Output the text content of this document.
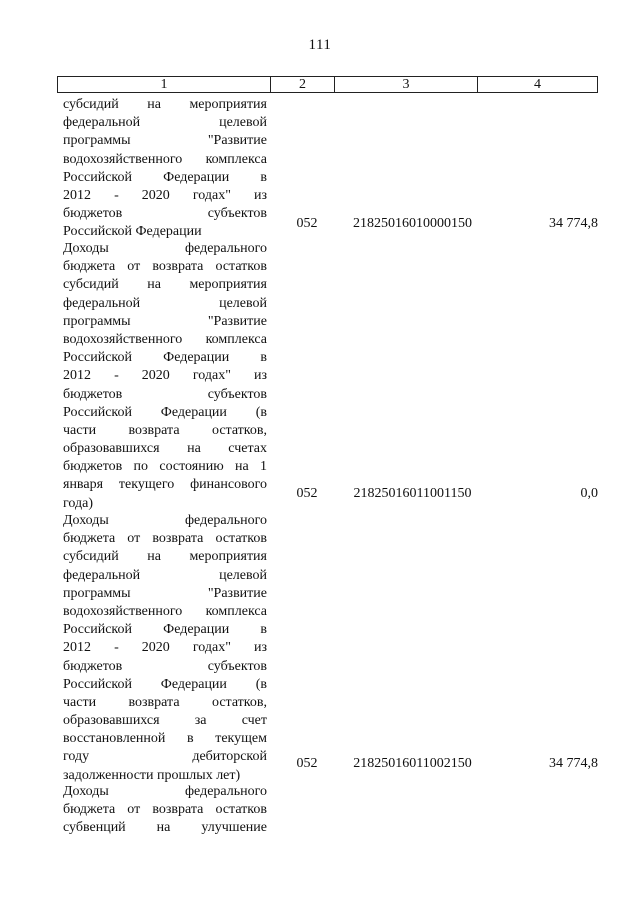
111
1	2	3	4
субсидий на мероприятия
федеральной целевой
программы "Развитие
водохозяйственного комплекса
Российской Федерации в
2012 - 2020 годах" из
бюджетов субъектов
Российской Федерации
052	21825016010000150	34 774,8
Доходы федерального
бюджета от возврата остатков
субсидий на мероприятия
федеральной целевой
программы "Развитие
водохозяйственного комплекса
Российской Федерации в
2012 - 2020 годах" из
бюджетов субъектов
Российской Федерации (в
части возврата остатков,
образовавшихся на счетах
бюджетов по состоянию на 1
января текущего финансового
года)
052	21825016011001150	0,0
Доходы федерального
бюджета от возврата остатков
субсидий на мероприятия
федеральной целевой
программы "Развитие
водохозяйственного комплекса
Российской Федерации в
2012 - 2020 годах" из
бюджетов субъектов
Российской Федерации (в
части возврата остатков,
образовавшихся за счет
восстановленной в текущем
году дебиторской
задолженности прошлых лет)
052	21825016011002150	34 774,8
Доходы федерального
бюджета от возврата остатков
субвенций на улучшение
